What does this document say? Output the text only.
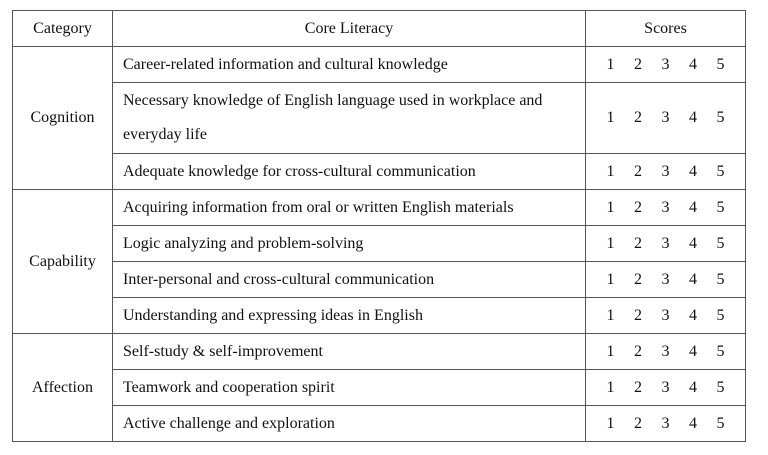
Category	Core Literacy	Scores
Cognition	Career-related information and cultural knowledge	1 2 3 4 5
	Necessary knowledge of English language used in workplace and everyday life	1 2 3 4 5
	Adequate knowledge for cross-cultural communication	1 2 3 4 5
Capability	Acquiring information from oral or written English materials	1 2 3 4 5
	Logic analyzing and problem-solving	1 2 3 4 5
	Inter-personal and cross-cultural communication	1 2 3 4 5
	Understanding and expressing ideas in English	1 2 3 4 5
Affection	Self-study & self-improvement	1 2 3 4 5
	Teamwork and cooperation spirit	1 2 3 4 5
	Active challenge and exploration	1 2 3 4 5
